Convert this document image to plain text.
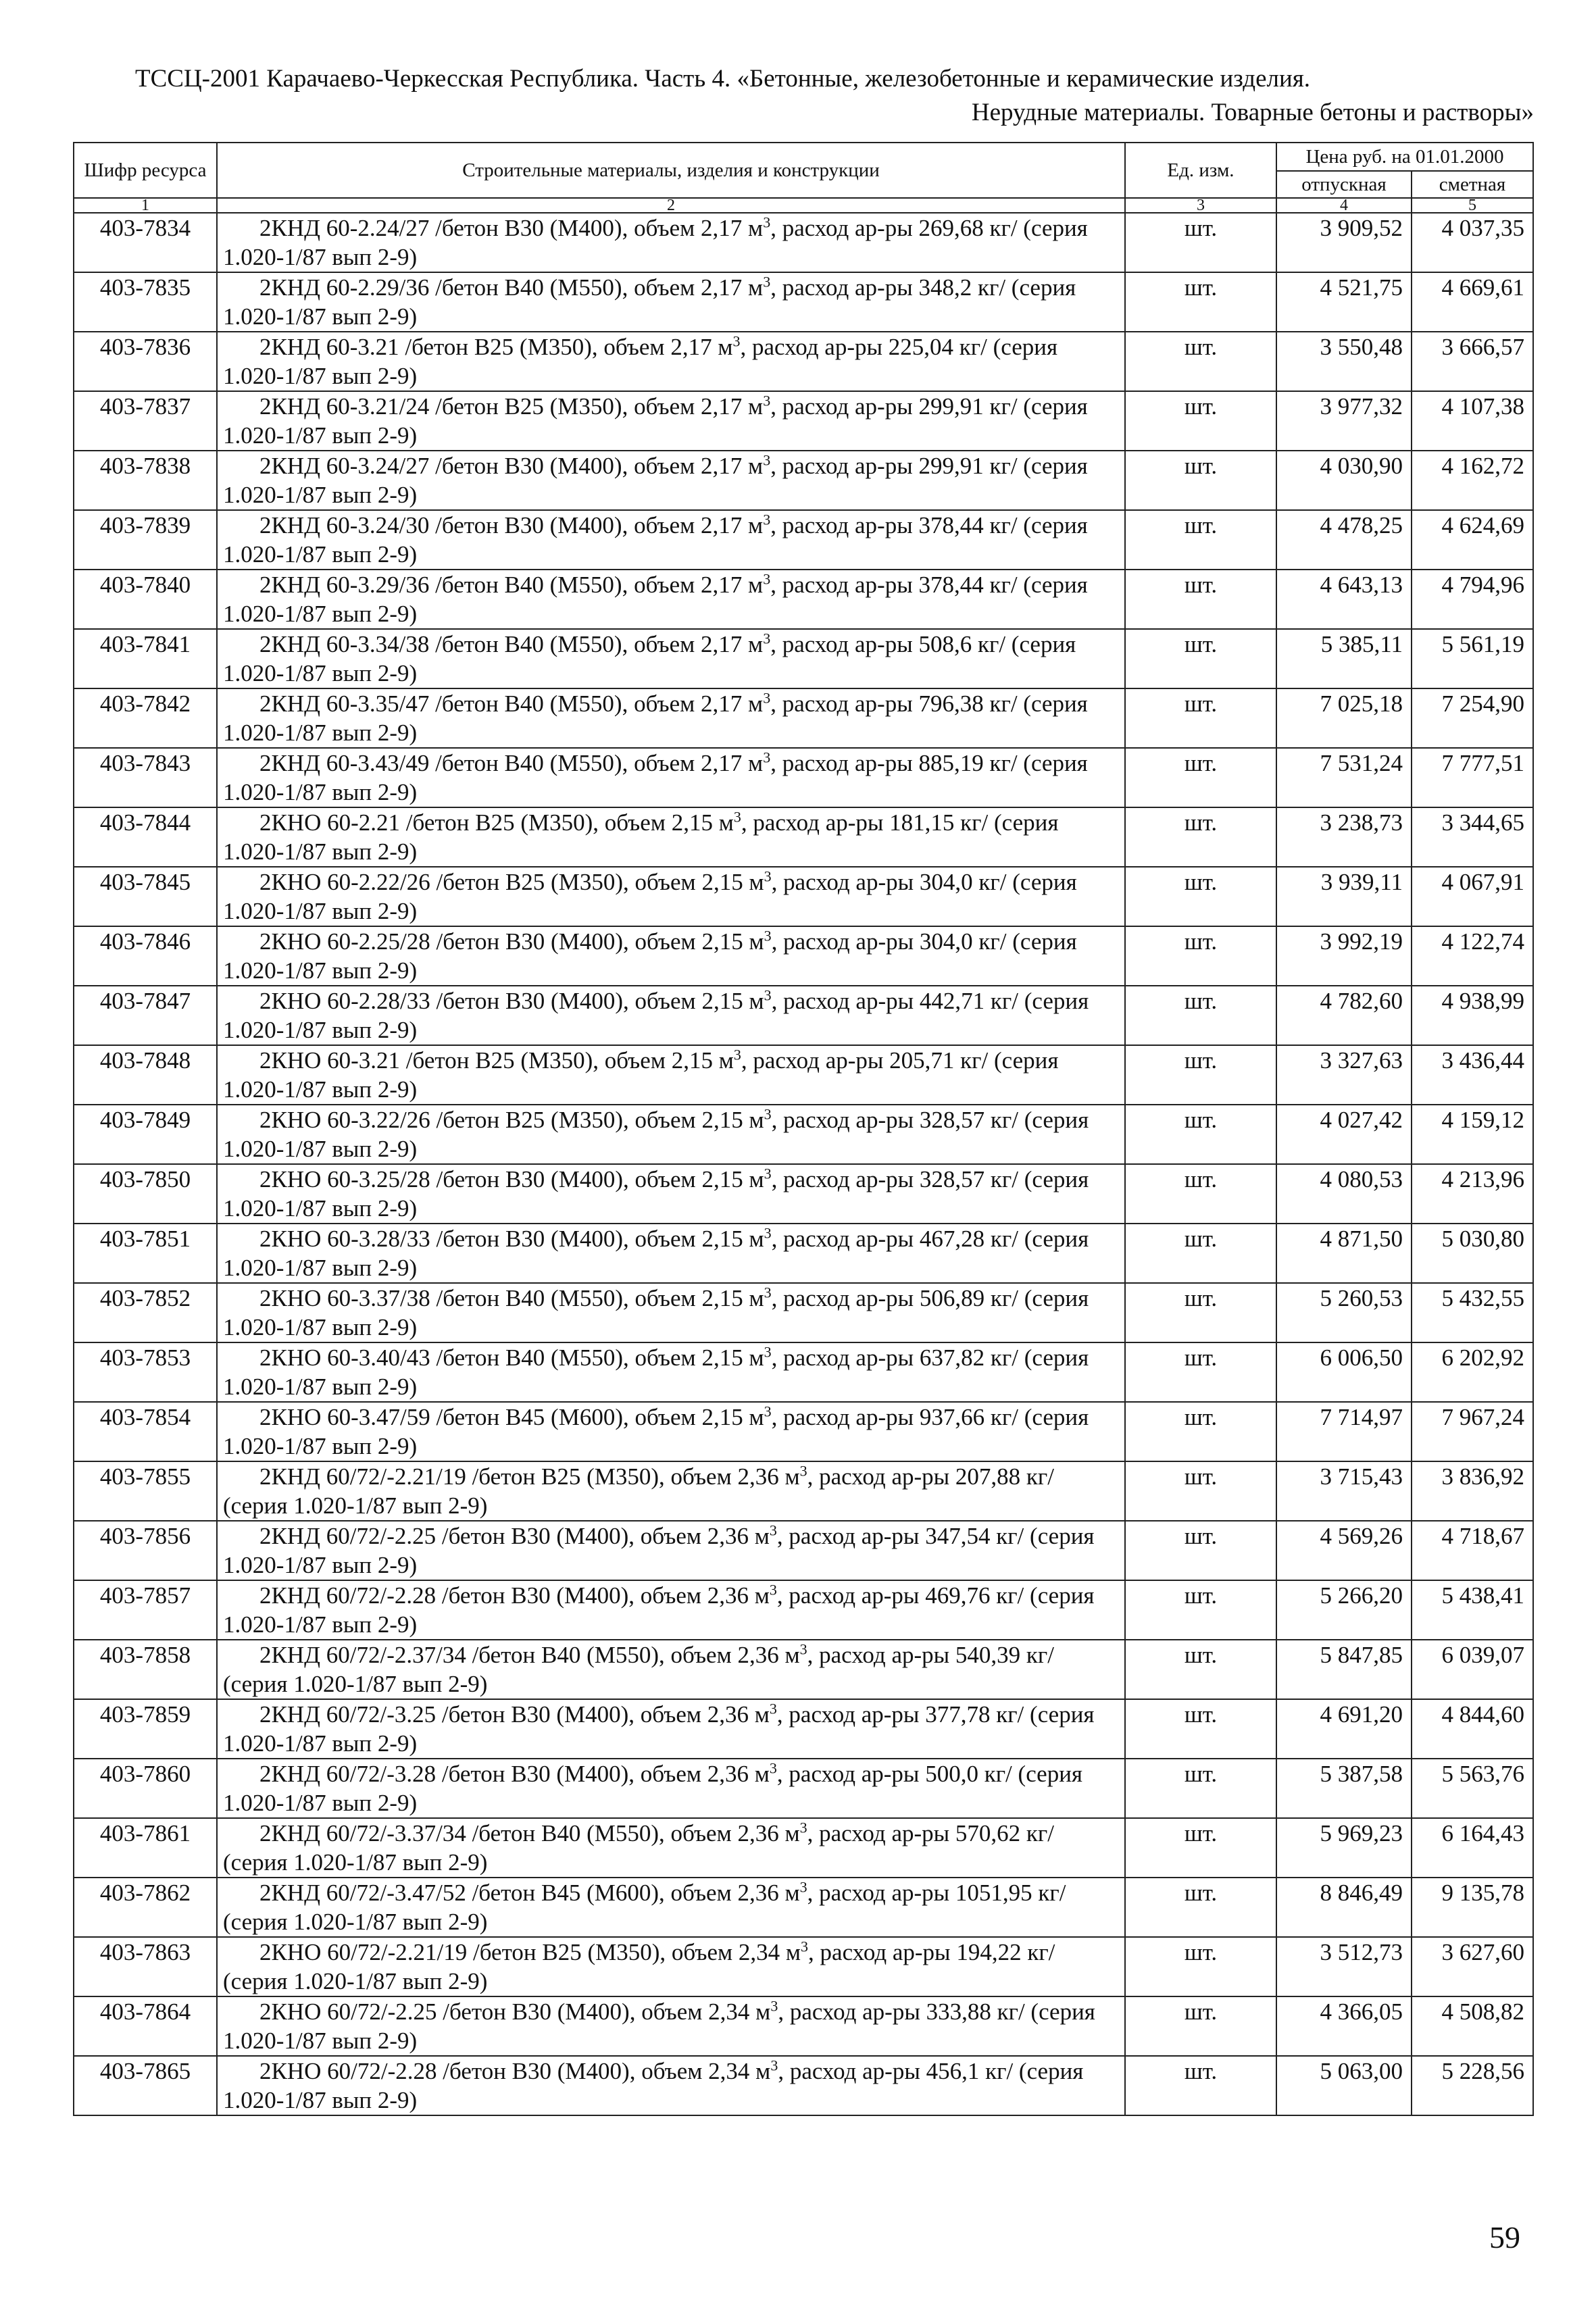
ТССЦ-2001 Карачаево-Черкесская Республика. Часть 4. «Бетонные, железобетонные и керамические изделия.
Нерудные материалы. Товарные бетоны и растворы»
Шифр ресурса	Строительные материалы, изделия и конструкции	Ед. изм.	Цена руб. на 01.01.2000	
			отпускная	сметная
1	2	3	4	5
403-7834	2КНД 60-2.24/27 /бетон В30 (М400), объем 2,17 $м^3$, расход ар-ры 269,68 кг/ (серия 1.020-1/87 вып 2-9)	шт.	3 909,52	4 037,35
403-7835	2КНД 60-2.29/36 /бетон В40 (М550), объем 2,17 $м^3$, расход ар-ры 348,2 кг/ (серия 1.020-1/87 вып 2-9)	шт.	4 521,75	4 669,61
403-7836	2КНД 60-3.21 /бетон В25 (М350), объем 2,17 $м^3$, расход ар-ры 225,04 кг/ (серия 1.020-1/87 вып 2-9)	шт.	3 550,48	3 666,57
403-7837	2КНД 60-3.21/24 /бетон В25 (М350), объем 2,17 $м^3$, расход ар-ры 299,91 кг/ (серия 1.020-1/87 вып 2-9)	шт.	3 977,32	4 107,38
403-7838	2КНД 60-3.24/27 /бетон В30 (М400), объем 2,17 $м^3$, расход ар-ры 299,91 кг/ (серия 1.020-1/87 вып 2-9)	шт.	4 030,90	4 162,72
403-7839	2КНД 60-3.24/30 /бетон В30 (М400), объем 2,17 $м^3$, расход ар-ры 378,44 кг/ (серия 1.020-1/87 вып 2-9)	шт.	4 478,25	4 624,69
403-7840	2КНД 60-3.29/36 /бетон В40 (М550), объем 2,17 $м^3$, расход ар-ры 378,44 кг/ (серия 1.020-1/87 вып 2-9)	шт.	4 643,13	4 794,96
403-7841	2КНД 60-3.34/38 /бетон В40 (М550), объем 2,17 $м^3$, расход ар-ры 508,6 кг/ (серия 1.020-1/87 вып 2-9)	шт.	5 385,11	5 561,19
403-7842	2КНД 60-3.35/47 /бетон В40 (М550), объем 2,17 $м^3$, расход ар-ры 796,38 кг/ (серия 1.020-1/87 вып 2-9)	шт.	7 025,18	7 254,90
403-7843	2КНД 60-3.43/49 /бетон В40 (М550), объем 2,17 $м^3$, расход ар-ры 885,19 кг/ (серия 1.020-1/87 вып 2-9)	шт.	7 531,24	7 777,51
403-7844	2КНО 60-2.21 /бетон В25 (М350), объем 2,15 $м^3$, расход ар-ры 181,15 кг/ (серия 1.020-1/87 вып 2-9)	шт.	3 238,73	3 344,65
403-7845	2КНО 60-2.22/26 /бетон В25 (М350), объем 2,15 $м^3$, расход ар-ры 304,0 кг/ (серия 1.020-1/87 вып 2-9)	шт.	3 939,11	4 067,91
403-7846	2КНО 60-2.25/28 /бетон В30 (М400), объем 2,15 $м^3$, расход ар-ры 304,0 кг/ (серия 1.020-1/87 вып 2-9)	шт.	3 992,19	4 122,74
403-7847	2КНО 60-2.28/33 /бетон В30 (М400), объем 2,15 $м^3$, расход ар-ры 442,71 кг/ (серия 1.020-1/87 вып 2-9)	шт.	4 782,60	4 938,99
403-7848	2КНО 60-3.21 /бетон В25 (М350), объем 2,15 $м^3$, расход ар-ры 205,71 кг/ (серия 1.020-1/87 вып 2-9)	шт.	3 327,63	3 436,44
403-7849	2КНО 60-3.22/26 /бетон В25 (М350), объем 2,15 $м^3$, расход ар-ры 328,57 кг/ (серия 1.020-1/87 вып 2-9)	шт.	4 027,42	4 159,12
403-7850	2КНО 60-3.25/28 /бетон В30 (М400), объем 2,15 $м^3$, расход ар-ры 328,57 кг/ (серия 1.020-1/87 вып 2-9)	шт.	4 080,53	4 213,96
403-7851	2КНО 60-3.28/33 /бетон В30 (М400), объем 2,15 $м^3$, расход ар-ры 467,28 кг/ (серия 1.020-1/87 вып 2-9)	шт.	4 871,50	5 030,80
403-7852	2КНО 60-3.37/38 /бетон В40 (М550), объем 2,15 $м^3$, расход ар-ры 506,89 кг/ (серия 1.020-1/87 вып 2-9)	шт.	5 260,53	5 432,55
403-7853	2КНО 60-3.40/43 /бетон В40 (М550), объем 2,15 $м^3$, расход ар-ры 637,82 кг/ (серия 1.020-1/87 вып 2-9)	шт.	6 006,50	6 202,92
403-7854	2КНО 60-3.47/59 /бетон В45 (М600), объем 2,15 $м^3$, расход ар-ры 937,66 кг/ (серия 1.020-1/87 вып 2-9)	шт.	7 714,97	7 967,24
403-7855	2КНД 60/72/-2.21/19 /бетон В25 (М350), объем 2,36 $м^3$, расход ар-ры 207,88 кг/ (серия 1.020-1/87 вып 2-9)	шт.	3 715,43	3 836,92
403-7856	2КНД 60/72/-2.25 /бетон В30 (М400), объем 2,36 $м^3$, расход ар-ры 347,54 кг/ (серия 1.020-1/87 вып 2-9)	шт.	4 569,26	4 718,67
403-7857	2КНД 60/72/-2.28 /бетон В30 (М400), объем 2,36 $м^3$, расход ар-ры 469,76 кг/ (серия 1.020-1/87 вып 2-9)	шт.	5 266,20	5 438,41
403-7858	2КНД 60/72/-2.37/34 /бетон В40 (М550), объем 2,36 $м^3$, расход ар-ры 540,39 кг/ (серия 1.020-1/87 вып 2-9)	шт.	5 847,85	6 039,07
403-7859	2КНД 60/72/-3.25 /бетон В30 (М400), объем 2,36 $м^3$, расход ар-ры 377,78 кг/ (серия 1.020-1/87 вып 2-9)	шт.	4 691,20	4 844,60
403-7860	2КНД 60/72/-3.28 /бетон В30 (М400), объем 2,36 $м^3$, расход ар-ры 500,0 кг/ (серия 1.020-1/87 вып 2-9)	шт.	5 387,58	5 563,76
403-7861	2КНД 60/72/-3.37/34 /бетон В40 (М550), объем 2,36 $м^3$, расход ар-ры 570,62 кг/ (серия 1.020-1/87 вып 2-9)	шт.	5 969,23	6 164,43
403-7862	2КНД 60/72/-3.47/52 /бетон В45 (М600), объем 2,36 $м^3$, расход ар-ры 1051,95 кг/ (серия 1.020-1/87 вып 2-9)	шт.	8 846,49	9 135,78
403-7863	2КНО 60/72/-2.21/19 /бетон В25 (М350), объем 2,34 $м^3$, расход ар-ры 194,22 кг/ (серия 1.020-1/87 вып 2-9)	шт.	3 512,73	3 627,60
403-7864	2КНО 60/72/-2.25 /бетон В30 (М400), объем 2,34 $м^3$, расход ар-ры 333,88 кг/ (серия 1.020-1/87 вып 2-9)	шт.	4 366,05	4 508,82
403-7865	2КНО 60/72/-2.28 /бетон В30 (М400), объем 2,34 $м^3$, расход ар-ры 456,1 кг/ (серия 1.020-1/87 вып 2-9)	шт.	5 063,00	5 228,56
59
